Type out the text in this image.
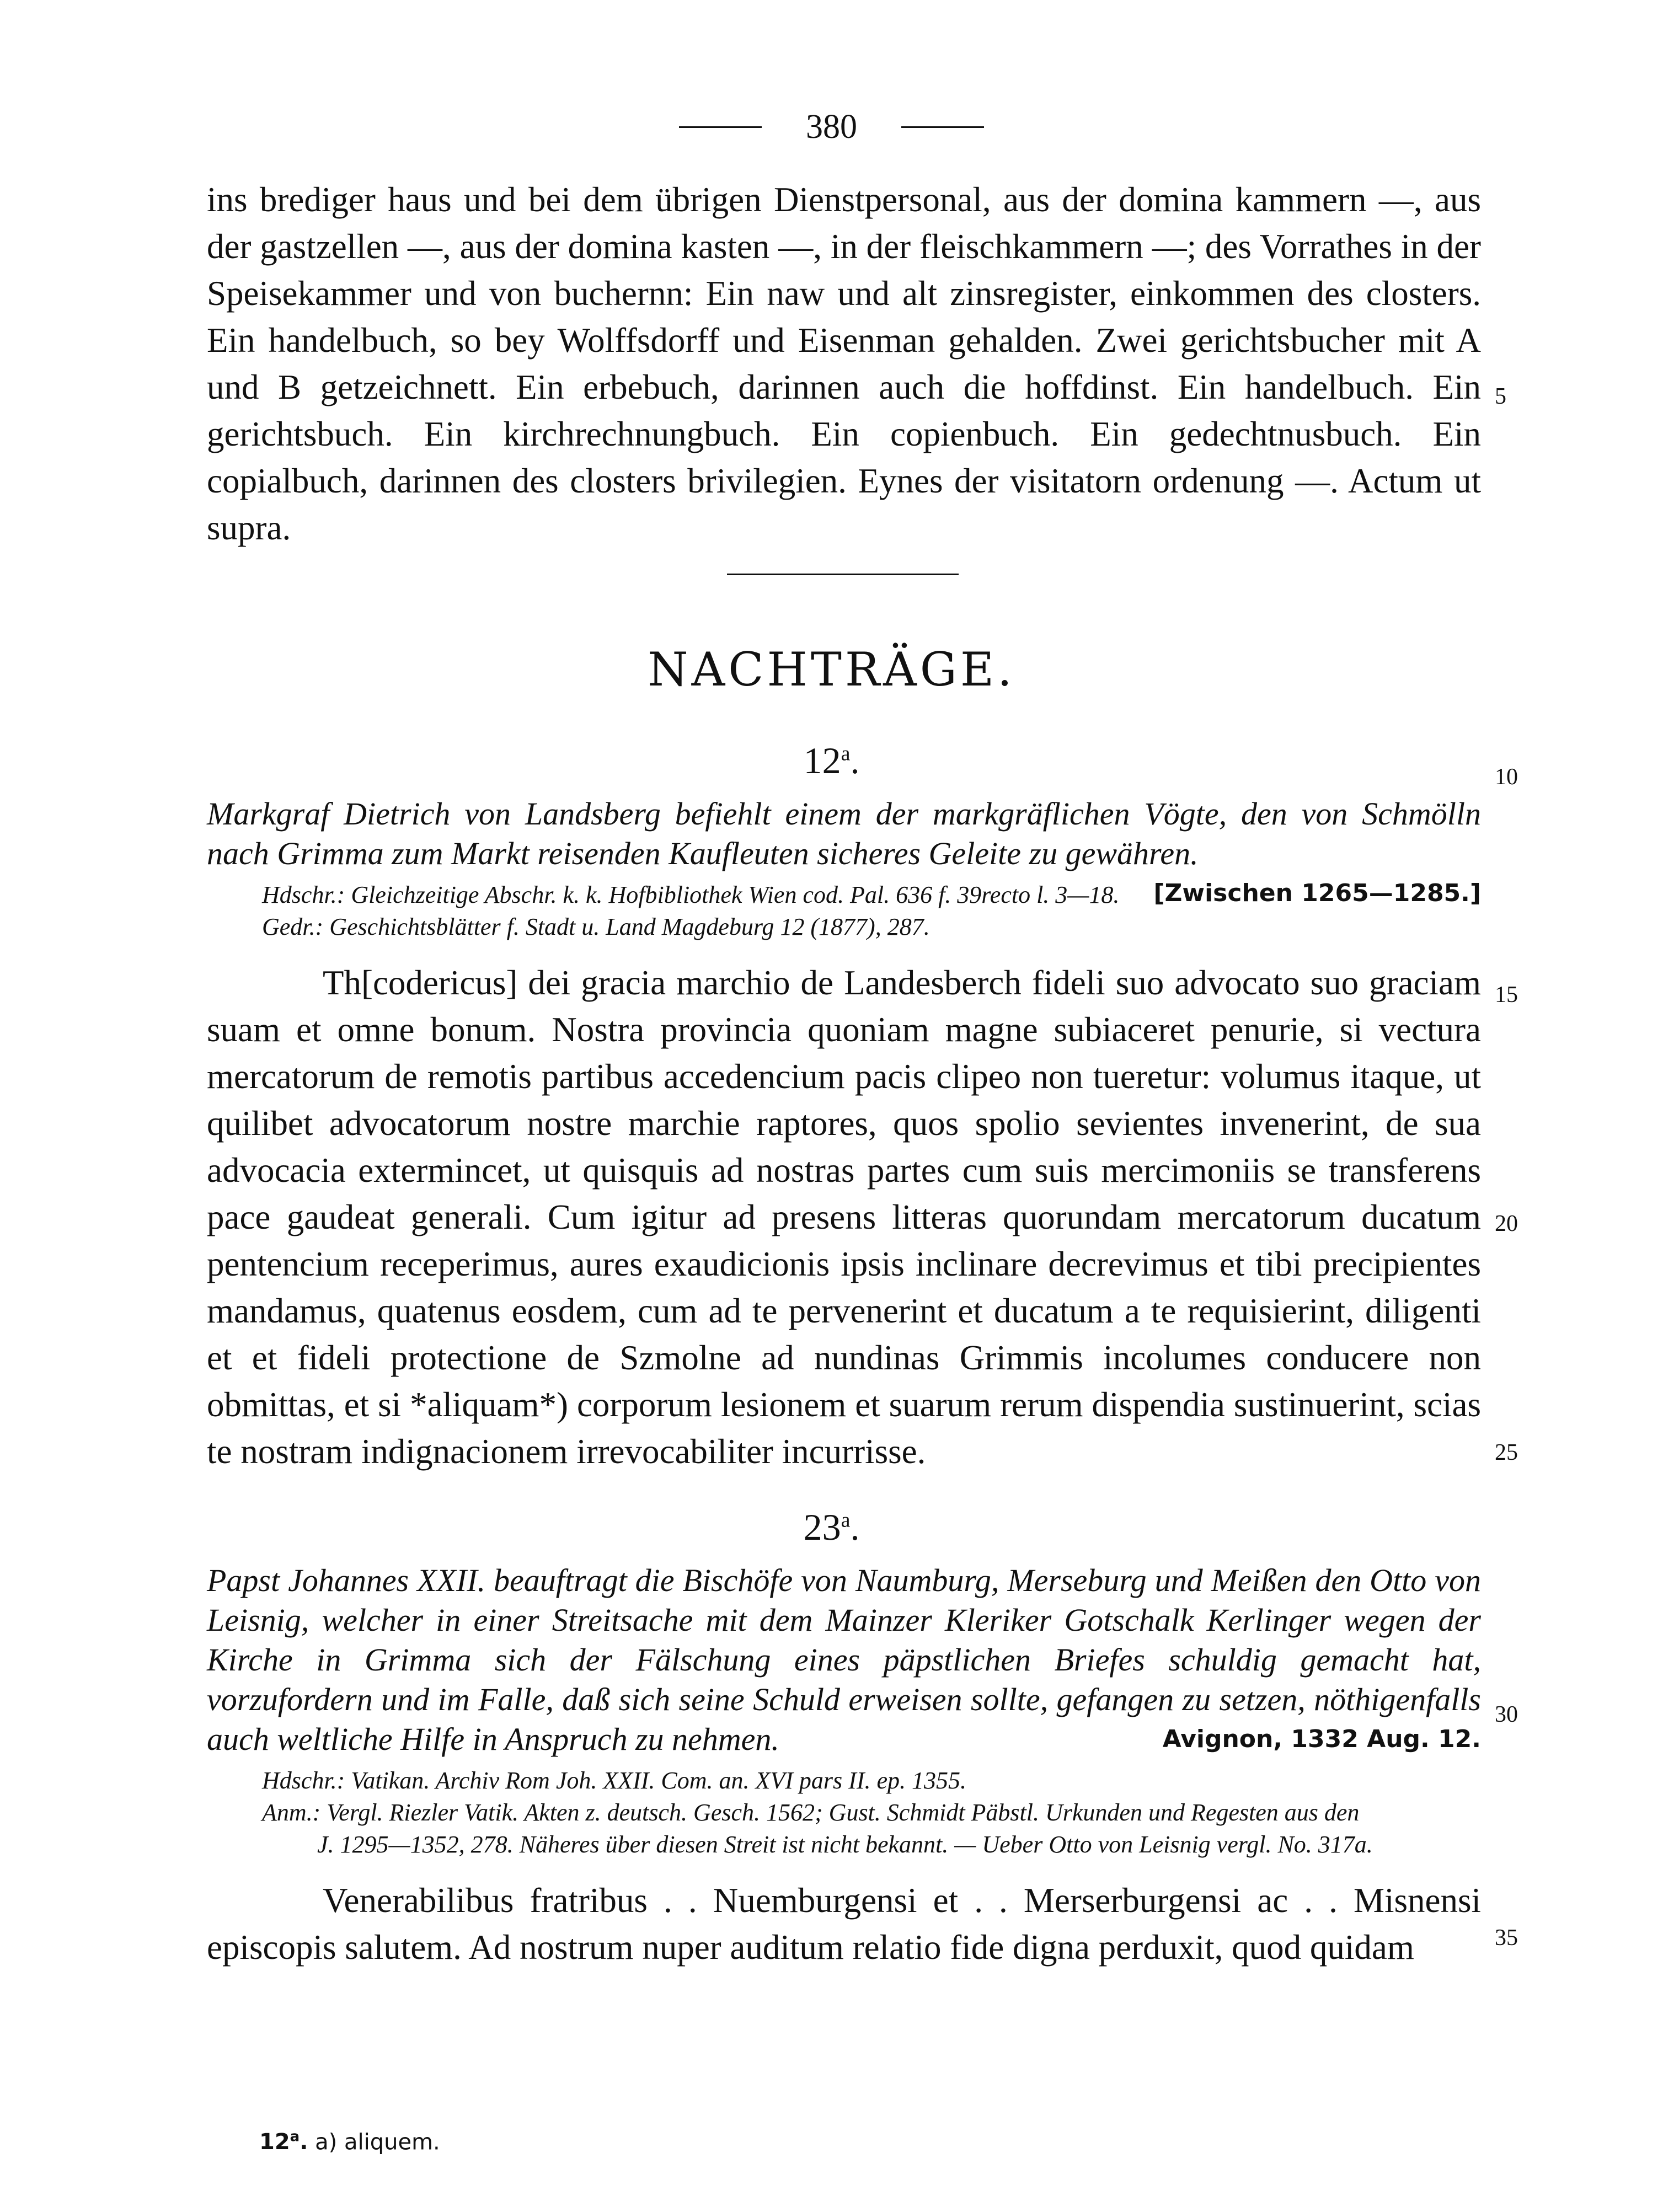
380

ins brediger haus und bei dem übrigen Dienstpersonal, aus der domina kammern —, aus der gastzellen —, aus der domina kasten —, in der fleischkammern —; des Vorrathes in der Speisekammer und von buchernn: Ein naw und alt zinsregister, einkommen des closters. Ein handelbuch, so bey Wolffsdorff und Eisenman gehalden. Zwei gerichtsbucher mit A und B getzeichnett. Ein erbebuch, darinnen auch die hoffdinst. Ein handelbuch. Ein gerichtsbuch. Ein kirchrechnungbuch. Ein copienbuch. Ein gedechtnusbuch. Ein copialbuch, darinnen des closters brivilegien. Eynes der visitatorn ordenung —. Actum ut supra.

NACHTRÄGE.
12$^a$.

Markgraf Dietrich von Landsberg befiehlt einem der markgräflichen Vögte, den von Schmölln nach Grimma zum Markt reisenden Kaufleuten sicheres Geleite zu gewähren.
[Zwischen 1265—1285.]

Hdschr.: Gleichzeitige Abschr. k. k. Hofbibliothek Wien cod. Pal. 636 f. 39recto l. 3—18.
Gedr.: Geschichtsblätter f. Stadt u. Land Magdeburg 12 (1877), 287.

Th[codericus] dei gracia marchio de Landesberch fideli suo advocato suo graciam suam et omne bonum. Nostra provincia quoniam magne subiaceret penurie, si vectura mercatorum de remotis partibus accedencium pacis clipeo non tueretur: volumus itaque, ut quilibet advocatorum nostre marchie raptores, quos spolio sevientes invenerint, de sua advocacia extermincet, ut quisquis ad nostras partes cum suis mercimoniis se transferens pace gaudeat generali. Cum igitur ad presens litteras quorundam mercatorum ducatum pentencium receperimus, aures exaudicionis ipsis inclinare decrevimus et tibi precipientes mandamus, quatenus eosdem, cum ad te pervenerint et ducatum a te requisierint, diligenti et et fideli protectione de Szmolne ad nundinas Grimmis incolumes conducere non obmittas, et si *aliquam*) corporum lesionem et suarum rerum dispendia sustinuerint, scias te nostram indignacionem irrevocabiliter incurrisse.

23$^a$.

Papst Johannes XXII. beauftragt die Bischöfe von Naumburg, Merseburg und Meißen den Otto von Leisnig, welcher in einer Streitsache mit dem Mainzer Kleriker Gotschalk Kerlinger wegen der Kirche in Grimma sich der Fälschung eines päpstlichen Briefes schuldig gemacht hat, vorzufordern und im Falle, daß sich seine Schuld erweisen sollte, gefangen zu setzen, nöthigenfalls auch weltliche Hilfe in Anspruch zu nehmen.	Avignon, 1332 Aug. 12.

Hdschr.: Vatikan. Archiv Rom Joh. XXII. Com. an. XVI pars II. ep. 1355.
Anm.: Vergl. Riezler Vatik. Akten z. deutsch. Gesch. 1562; Gust. Schmidt Päbstl. Urkunden und Regesten aus den
J. 1295—1352, 278. Näheres über diesen Streit ist nicht bekannt. — Ueber Otto von Leisnig vergl. No. 317a.

Venerabilibus fratribus . . Nuemburgensi et . . Merserburgensi ac . . Misnensi episcopis salutem. Ad nostrum nuper auditum relatio fide digna perduxit, quod quidam

5
10
15
20
25
30
35
12$^a$. a) aliquem.
